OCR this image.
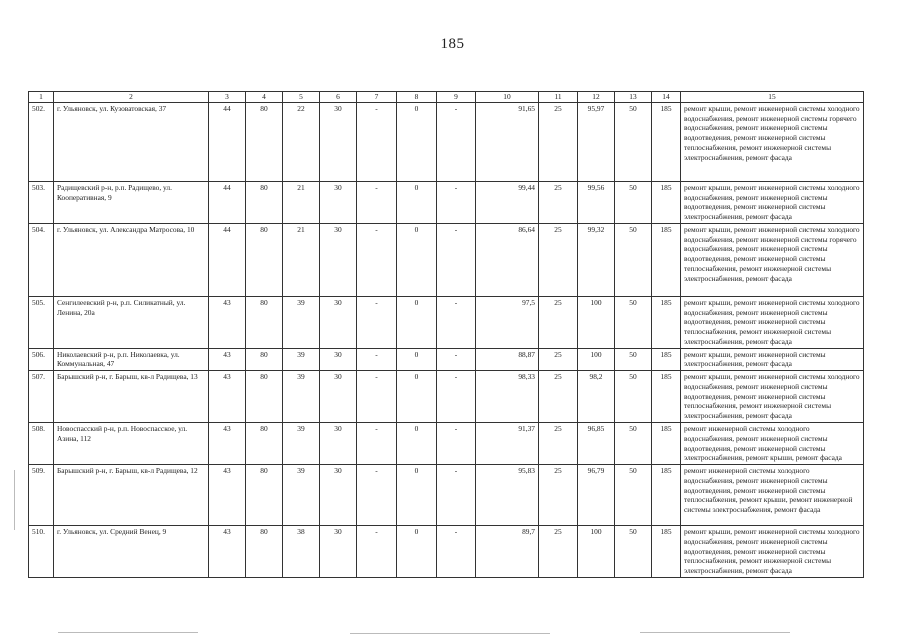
185
1	2	3	4	5	6	7	8	9	10	11	12	13	14	15
502.	г. Ульяновск, ул. Кузоватовская, 37	44	80	22	30	-	0	-	91,65	25	95,97	50	185	ремонт крыши, ремонт инженерной системы холодного водоснабжения, ремонт инженерной системы горячего водоснабжения, ремонт инженерной системы водоотведения, ремонт инженерной системы теплоснабжения, ремонт инженерной системы электроснабжения, ремонт фасада
503.	Радищевский р-н, р.п. Радищево, ул. Кооперативная, 9	44	80	21	30	-	0	-	99,44	25	99,56	50	185	ремонт крыши, ремонт инженерной системы холодного водоснабжения, ремонт инженерной системы водоотведения, ремонт инженерной системы электроснабжения, ремонт фасада
504.	г. Ульяновск, ул. Александра Матросова, 10	44	80	21	30	-	0	-	86,64	25	99,32	50	185	ремонт крыши, ремонт инженерной системы холодного водоснабжения, ремонт инженерной системы горячего водоснабжения, ремонт инженерной системы водоотведения, ремонт инженерной системы теплоснабжения, ремонт инженерной системы электроснабжения, ремонт фасада
505.	Сенгилеевский р-н, р.п. Силикатный, ул. Ленина, 20а	43	80	39	30	-	0	-	97,5	25	100	50	185	ремонт крыши, ремонт инженерной системы холодного водоснабжения, ремонт инженерной системы водоотведения, ремонт инженерной системы теплоснабжения, ремонт инженерной системы электроснабжения, ремонт фасада
506.	Николаевский р-н, р.п. Николаевка, ул. Коммунальная, 47	43	80	39	30	-	0	-	88,87	25	100	50	185	ремонт крыши, ремонт инженерной системы электроснабжения, ремонт фасада
507.	Барышский р-н, г. Барыш, кв-л Радищева, 13	43	80	39	30	-	0	-	98,33	25	98,2	50	185	ремонт крыши, ремонт инженерной системы холодного водоснабжения, ремонт инженерной системы водоотведения, ремонт инженерной системы теплоснабжения, ремонт инженерной системы электроснабжения, ремонт фасада
508.	Новоспасский р-н, р.п. Новоспасское, ул. Азина, 112	43	80	39	30	-	0	-	91,37	25	96,85	50	185	ремонт инженерной системы холодного водоснабжения, ремонт инженерной системы водоотведения, ремонт инженерной системы электроснабжения, ремонт крыши, ремонт фасада
509.	Барышский р-н, г. Барыш, кв-л Радищева, 12	43	80	39	30	-	0	-	95,83	25	96,79	50	185	ремонт инженерной системы холодного водоснабжения, ремонт инженерной системы водоотведения, ремонт инженерной системы теплоснабжения, ремонт крыши, ремонт инженерной системы электроснабжения, ремонт фасада
510.	г. Ульяновск, ул. Средний Венец, 9	43	80	38	30	-	0	-	89,7	25	100	50	185	ремонт крыши, ремонт инженерной системы холодного водоснабжения, ремонт инженерной системы водоотведения, ремонт инженерной системы теплоснабжения, ремонт инженерной системы электроснабжения, ремонт фасада
